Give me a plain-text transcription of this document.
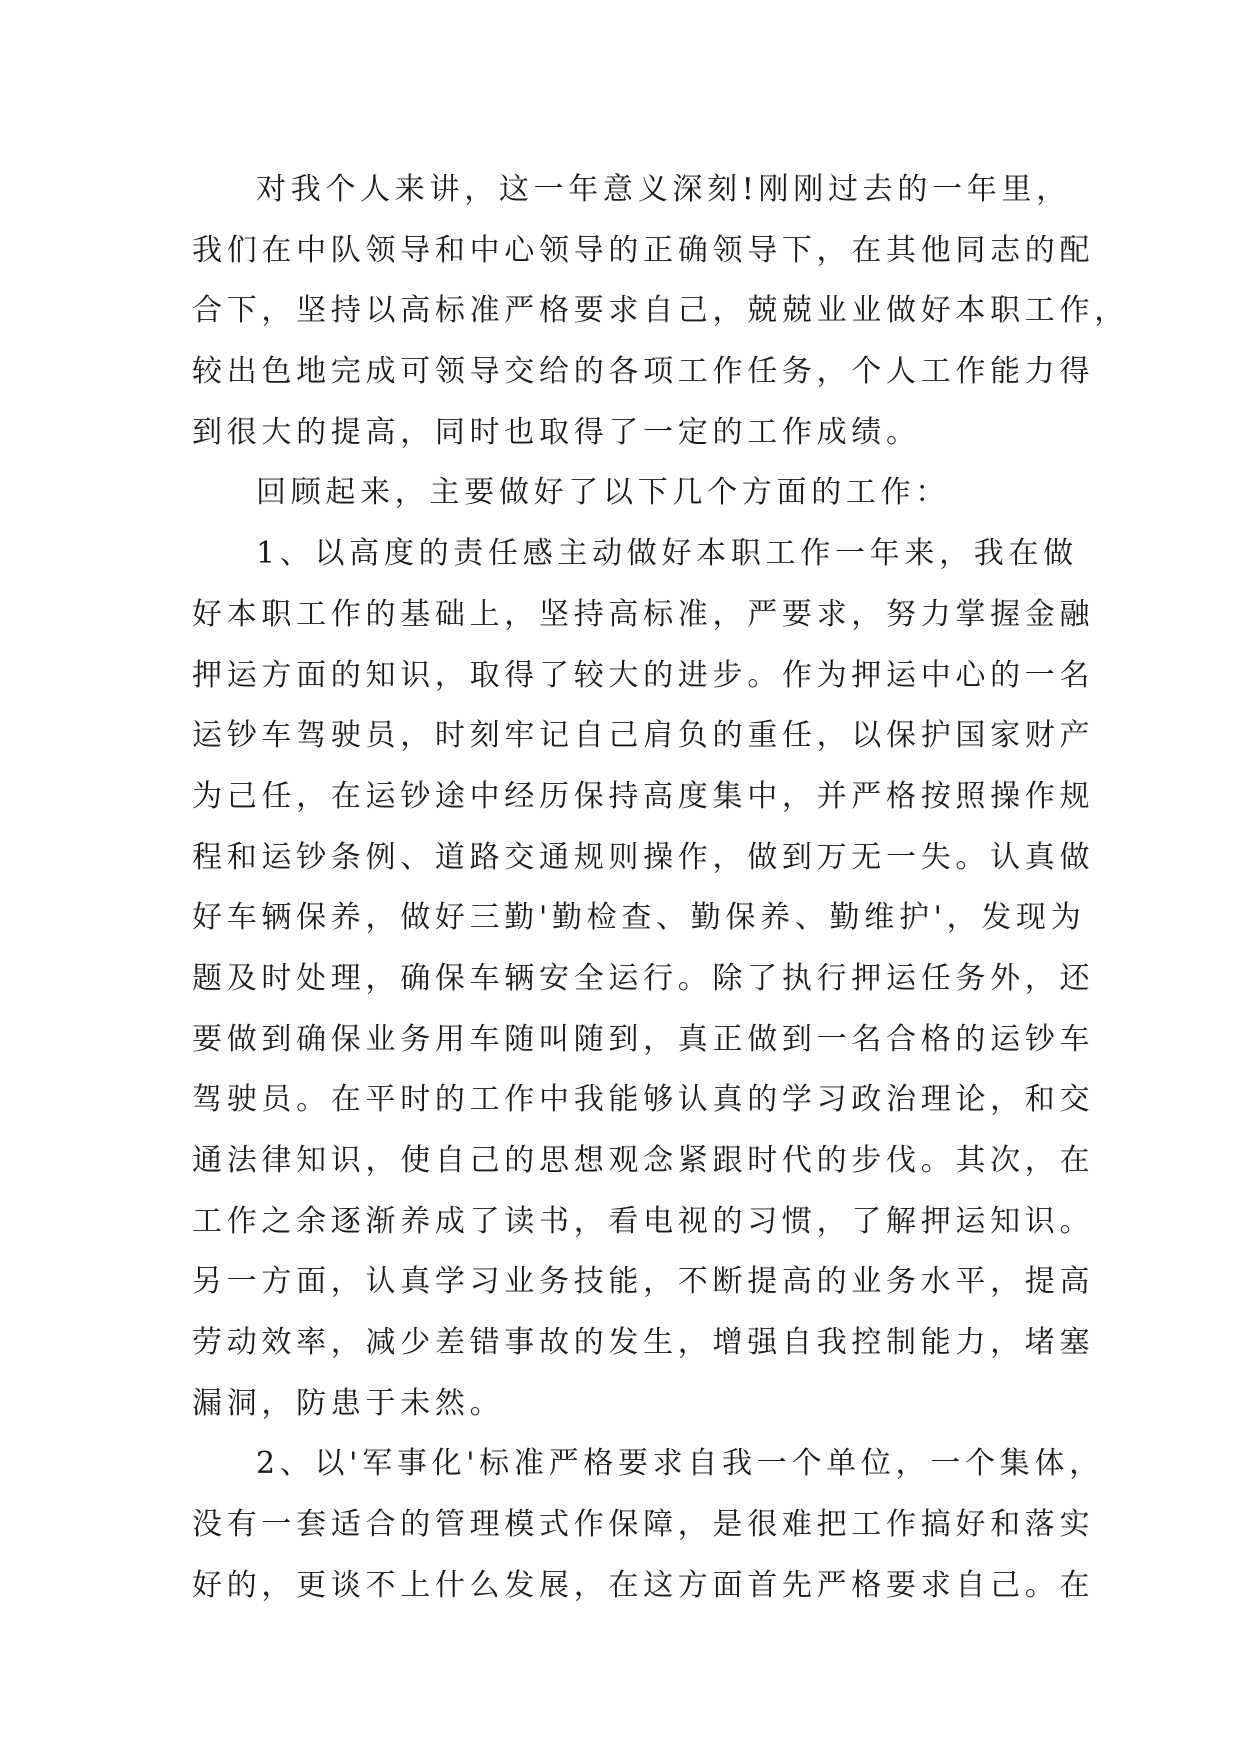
对我个人来讲，这一年意义深刻!刚刚过去的一年里，
我们在中队领导和中心领导的正确领导下，在其他同志的配
合下，坚持以高标准严格要求自己，兢兢业业做好本职工作，
较出色地完成可领导交给的各项工作任务，个人工作能力得
到很大的提高，同时也取得了一定的工作成绩。
回顾起来，主要做好了以下几个方面的工作：
1、以高度的责任感主动做好本职工作一年来，我在做
好本职工作的基础上，坚持高标准，严要求，努力掌握金融
押运方面的知识，取得了较大的进步。作为押运中心的一名
运钞车驾驶员，时刻牢记自己肩负的重任，以保护国家财产
为己任，在运钞途中经历保持高度集中，并严格按照操作规
程和运钞条例、道路交通规则操作，做到万无一失。认真做
好车辆保养，做好三勤'勤检查、勤保养、勤维护'，发现为
题及时处理，确保车辆安全运行。除了执行押运任务外，还
要做到确保业务用车随叫随到，真正做到一名合格的运钞车
驾驶员。在平时的工作中我能够认真的学习政治理论，和交
通法律知识，使自己的思想观念紧跟时代的步伐。其次，在
工作之余逐渐养成了读书，看电视的习惯，了解押运知识。
另一方面，认真学习业务技能，不断提高的业务水平，提高
劳动效率，减少差错事故的发生，增强自我控制能力，堵塞
漏洞，防患于未然。
2、以'军事化'标准严格要求自我一个单位，一个集体，
没有一套适合的管理模式作保障，是很难把工作搞好和落实
好的，更谈不上什么发展，在这方面首先严格要求自己。在
